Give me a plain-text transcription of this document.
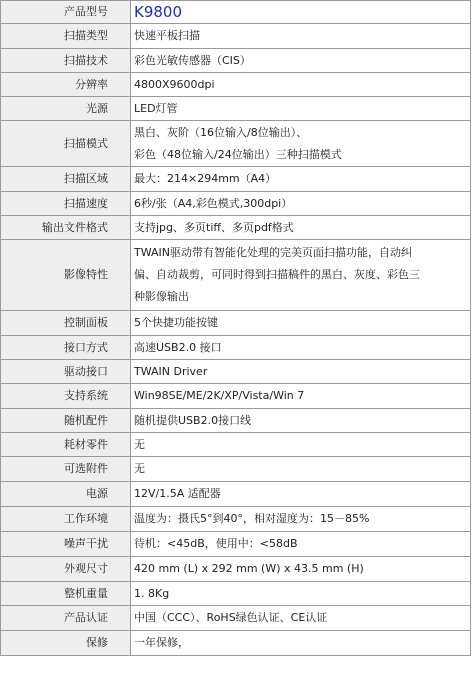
产品型号	K9800

扫描类型	快速平板扫描

扫描技术	彩色光敏传感器（CIS）

分辨率	4800X9600dpi

光源	LED灯管

扫描模式	黑白、灰阶（16位输入/8位输出）、
彩色（48位输入/24位输出）三种扫描模式

扫描区域	最大：214×294mm（A4）

扫描速度	6秒/张（A4,彩色模式,300dpi）

输出文件格式	支持jpg、多页tiff、多页pdf格式

影像特性	TWAIN驱动带有智能化处理的完美页面扫描功能，自动纠
偏、自动裁剪，可同时得到扫描稿件的黑白、灰度、彩色三
种影像输出

控制面板	5个快捷功能按键

接口方式	高速USB2.0 接口

驱动接口	TWAIN Driver

支持系统	Win98SE/ME/2K/XP/Vista/Win 7

随机配件	随机提供USB2.0接口线

耗材零件	无

可选附件	无

电源	12V/1.5A 适配器

工作环境	温度为：摄氏5°到40°，相对湿度为：15－85%

噪声干扰	待机：<45dB，使用中：<58dB

外观尺寸	420 mm (L) x 292 mm (W) x 43.5 mm (H)

整机重量	1. 8Kg

产品认证	中国（CCC）、RoHS绿色认证、CE认证

保修	一年保修，
